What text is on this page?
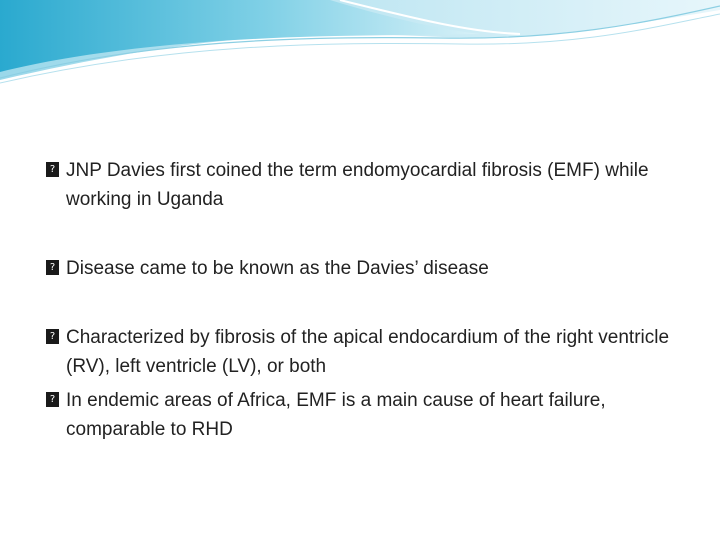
? JNP Davies first coined the term endomyocardial fibrosis (EMF) while working in Uganda
? Disease came to be known as the Davies’ disease
? Characterized by fibrosis of the apical endocardium of the right ventricle (RV), left ventricle (LV), or both
? In endemic areas of Africa, EMF is a main cause of heart failure, comparable to RHD
